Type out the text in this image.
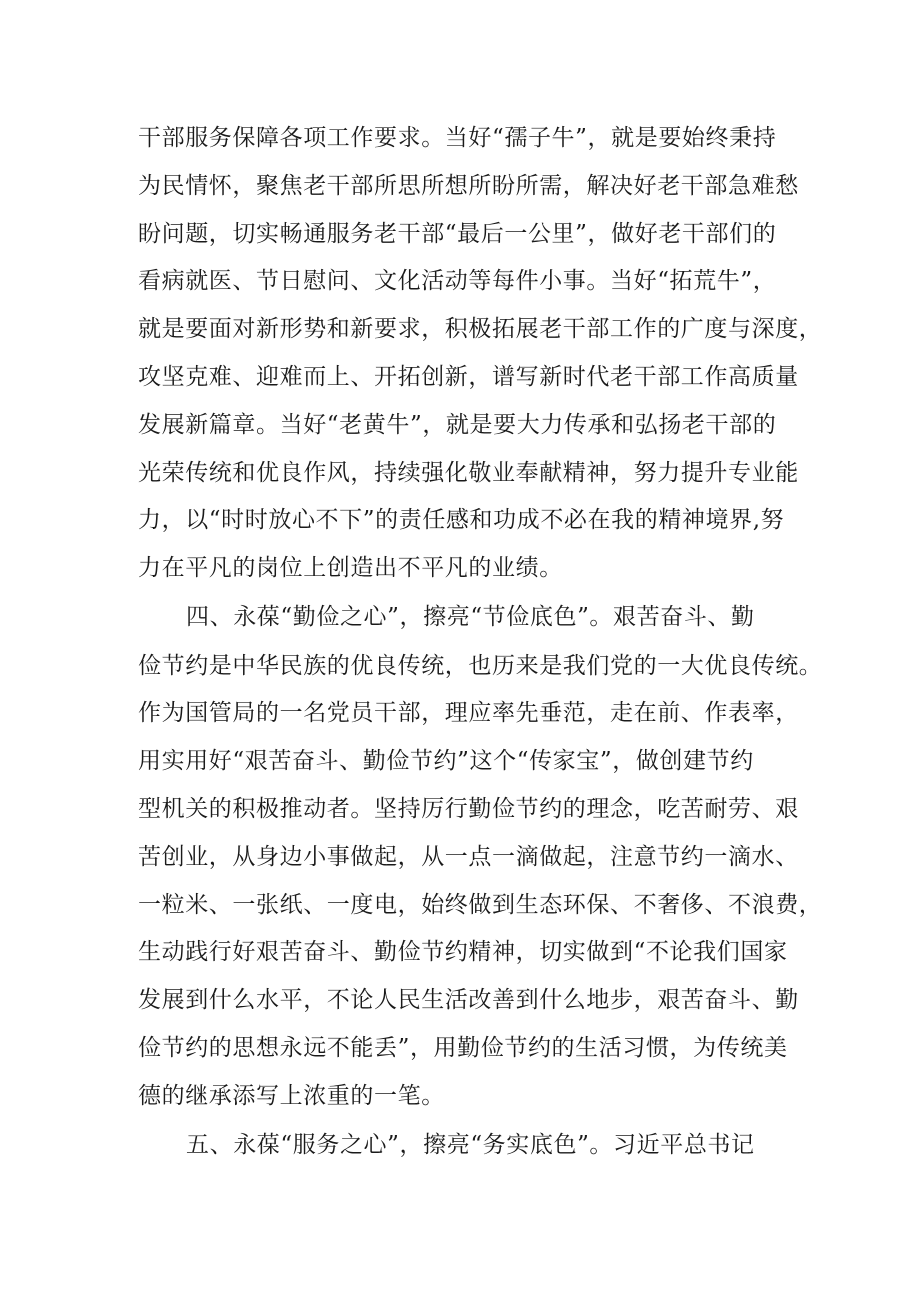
干部服务保障各项工作要求。当好“孺子牛”，就是要始终秉持
为民情怀，聚焦老干部所思所想所盼所需，解决好老干部急难愁
盼问题，切实畅通服务老干部“最后一公里”，做好老干部们的
看病就医、节日慰问、文化活动等每件小事。当好“拓荒牛”，
就是要面对新形势和新要求，积极拓展老干部工作的广度与深度，
攻坚克难、迎难而上、开拓创新，谱写新时代老干部工作高质量
发展新篇章。当好“老黄牛”，就是要大力传承和弘扬老干部的
光荣传统和优良作风，持续强化敬业奉献精神，努力提升专业能
力，以“时时放心不下”的责任感和功成不必在我的精神境界,努
力在平凡的岗位上创造出不平凡的业绩。
四、永葆“勤俭之心”，擦亮“节俭底色”。艰苦奋斗、勤
俭节约是中华民族的优良传统，也历来是我们党的一大优良传统。
作为国管局的一名党员干部，理应率先垂范，走在前、作表率，
用实用好“艰苦奋斗、勤俭节约”这个“传家宝”，做创建节约
型机关的积极推动者。坚持厉行勤俭节约的理念，吃苦耐劳、艰
苦创业，从身边小事做起，从一点一滴做起，注意节约一滴水、
一粒米、一张纸、一度电，始终做到生态环保、不奢侈、不浪费，
生动践行好艰苦奋斗、勤俭节约精神，切实做到“不论我们国家
发展到什么水平，不论人民生活改善到什么地步，艰苦奋斗、勤
俭节约的思想永远不能丢”，用勤俭节约的生活习惯，为传统美
德的继承添写上浓重的一笔。
五、永葆“服务之心”，擦亮“务实底色”。习近平总书记
